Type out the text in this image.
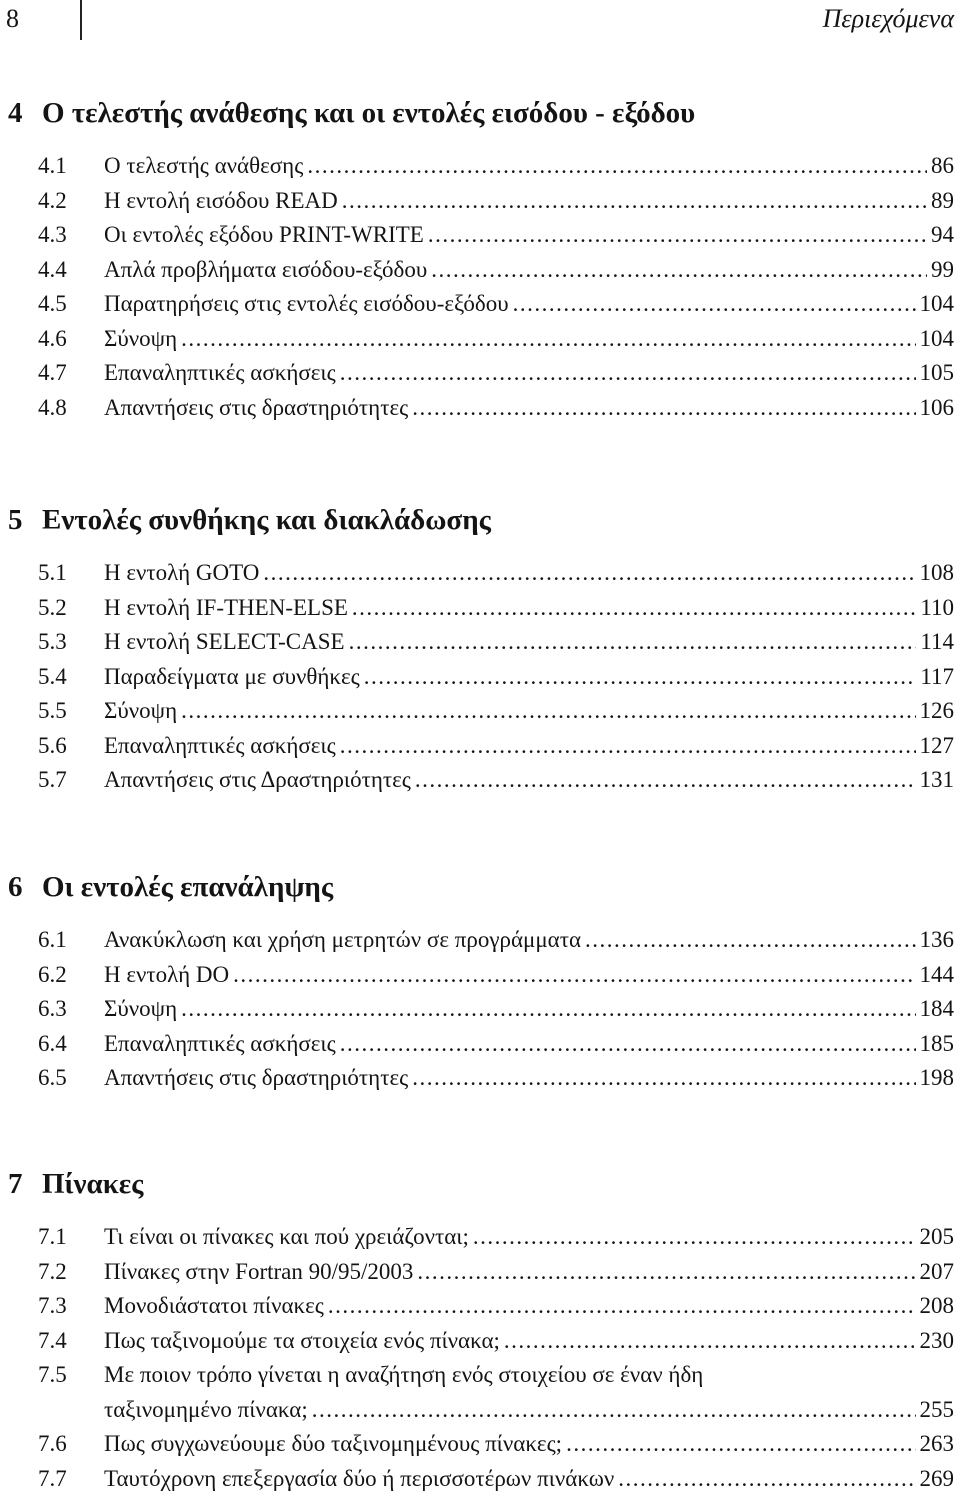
8	Περιεχόμενα
4 Ο τελεστής ανάθεσης και οι εντολές εισόδου - εξόδου
4.1 Ο τελεστής ανάθεσης .....	86
4.2 Η εντολή εισόδου READ .....	89
4.3 Οι εντολές εξόδου PRINT-WRITE .....	94
4.4 Απλά προβλήματα εισόδου-εξόδου .....	99
4.5 Παρατηρήσεις στις εντολές εισόδου-εξόδου .....	104
4.6 Σύνοψη .....	104
4.7 Επαναληπτικές ασκήσεις .....	105
4.8 Απαντήσεις στις δραστηριότητες .....	106
5 Εντολές συνθήκης και διακλάδωσης
5.1 Η εντολή GOTO .....	108
5.2 Η εντολή IF-THEN-ELSE .....	110
5.3 Η εντολή SELECT-CASE .....	114
5.4 Παραδείγματα με συνθήκες .....	117
5.5 Σύνοψη .....	126
5.6 Επαναληπτικές ασκήσεις .....	127
5.7 Απαντήσεις στις Δραστηριότητες .....	131
6 Οι εντολές επανάληψης
6.1 Ανακύκλωση και χρήση μετρητών σε προγράμματα .....	136
6.2 Η εντολή DO .....	144
6.3 Σύνοψη .....	184
6.4 Επαναληπτικές ασκήσεις .....	185
6.5 Απαντήσεις στις δραστηριότητες .....	198
7 Πίνακες
7.1 Τι είναι οι πίνακες και πού χρειάζονται; .....	205
7.2 Πίνακες στην Fortran 90/95/2003 .....	207
7.3 Μονοδιάστατοι πίνακες .....	208
7.4 Πως ταξινομούμε τα στοιχεία ενός πίνακα; .....	230
7.5 Με ποιον τρόπο γίνεται η αναζήτηση ενός στοιχείου σε έναν ήδη
ταξινομημένο πίνακα; .....	255
7.6 Πως συγχωνεύουμε δύο ταξινομημένους πίνακες; .....	263
7.7 Ταυτόχρονη επεξεργασία δύο ή περισσοτέρων πινάκων .....	269
